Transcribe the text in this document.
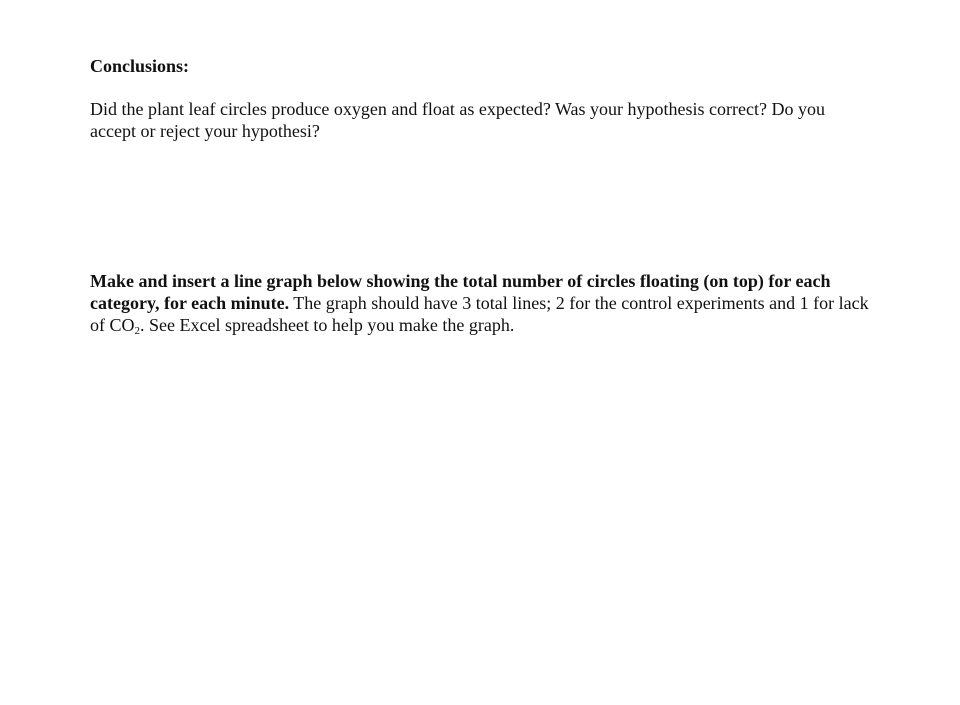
Conclusions:
Did the plant leaf circles produce oxygen and float as expected? Was your hypothesis correct? Do you accept or reject your hypothesi?
Make and insert a line graph below showing the total number of circles floating (on top) for each category, for each minute. The graph should have 3 total lines; 2 for the control experiments and 1 for lack of $CO_2$. See Excel spreadsheet to help you make the graph.
